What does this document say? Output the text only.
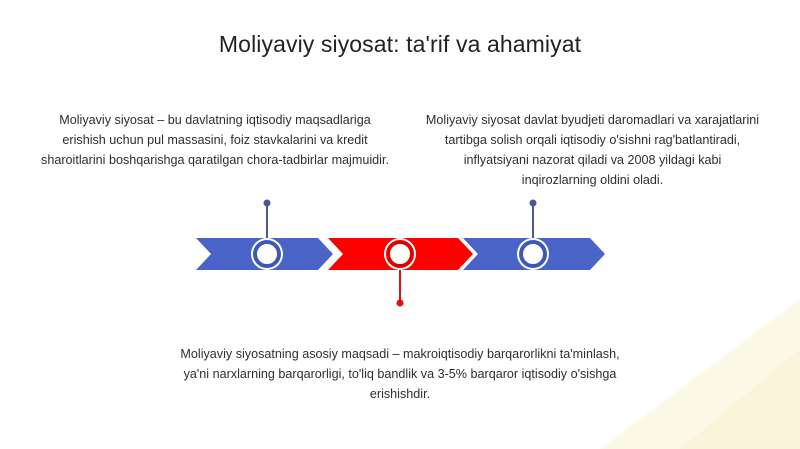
Moliyaviy siyosat: ta'rif va ahamiyat
Moliyaviy siyosat – bu davlatning iqtisodiy maqsadlariga erishish uchun pul massasini, foiz stavkalarini va kredit sharoitlarini boshqarishga qaratilgan chora-tadbirlar majmuidir.
Moliyaviy siyosat davlat byudjeti daromadlari va xarajatlarini tartibga solish orqali iqtisodiy o'sishni rag'batlantiradi, inflyatsiyani nazorat qiladi va 2008 yildagi kabi inqirozlarning oldini oladi.
Moliyaviy siyosatning asosiy maqsadi – makroiqtisodiy barqarorlikni ta'minlash, ya'ni narxlarning barqarorligi, to'liq bandlik va 3-5% barqaror iqtisodiy o'sishga erishishdir.
